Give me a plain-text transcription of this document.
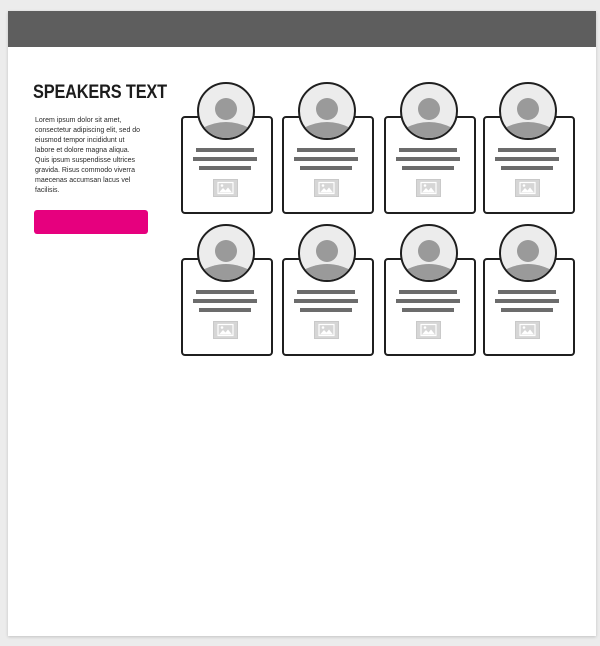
SPEAKERS TEXT

Lorem ipsum dolor sit amet, consectetur adipiscing elit, sed do eiusmod tempor incididunt ut labore et dolore magna aliqua. Quis ipsum suspendisse ultrices gravida. Risus commodo viverra maecenas accumsan lacus vel facilisis.
